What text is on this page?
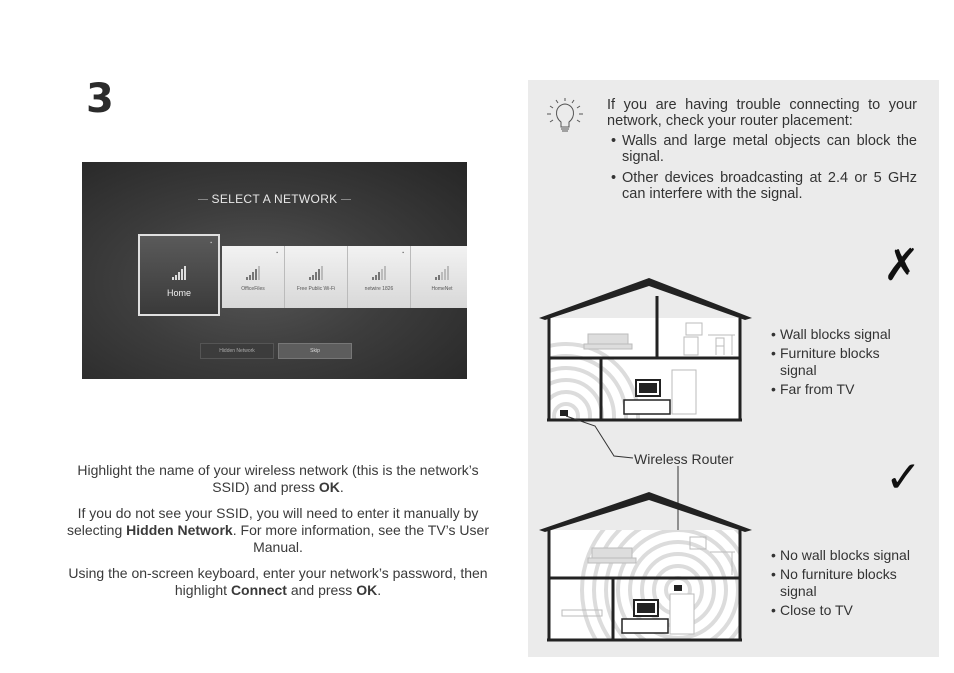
3
SELECT A NETWORK
▪
Home
▪
OfficeFiles	Free Public Wi-Fi
▪
netwire 1826	HomeNet
Hidden Network	Skip
Highlight the name of your wireless network (this is the network’s SSID) and press OK.
If you do not see your SSID, you will need to enter it manually by selecting Hidden Network. For more information, see the TV’s User Manual.
Using the on-screen keyboard, enter your network’s password, then highlight Connect and press OK.
If you are having trouble connecting to your network, check your router placement:
• Walls and large metal objects can block the signal.
• Other devices broadcasting at 2.4 or 5 GHz can interfere with the signal.
✗
✓
• Wall blocks signal
• Furniture blocks signal
• Far from TV
Wireless Router
• No wall blocks signal
• No furniture blocks signal
• Close to TV
